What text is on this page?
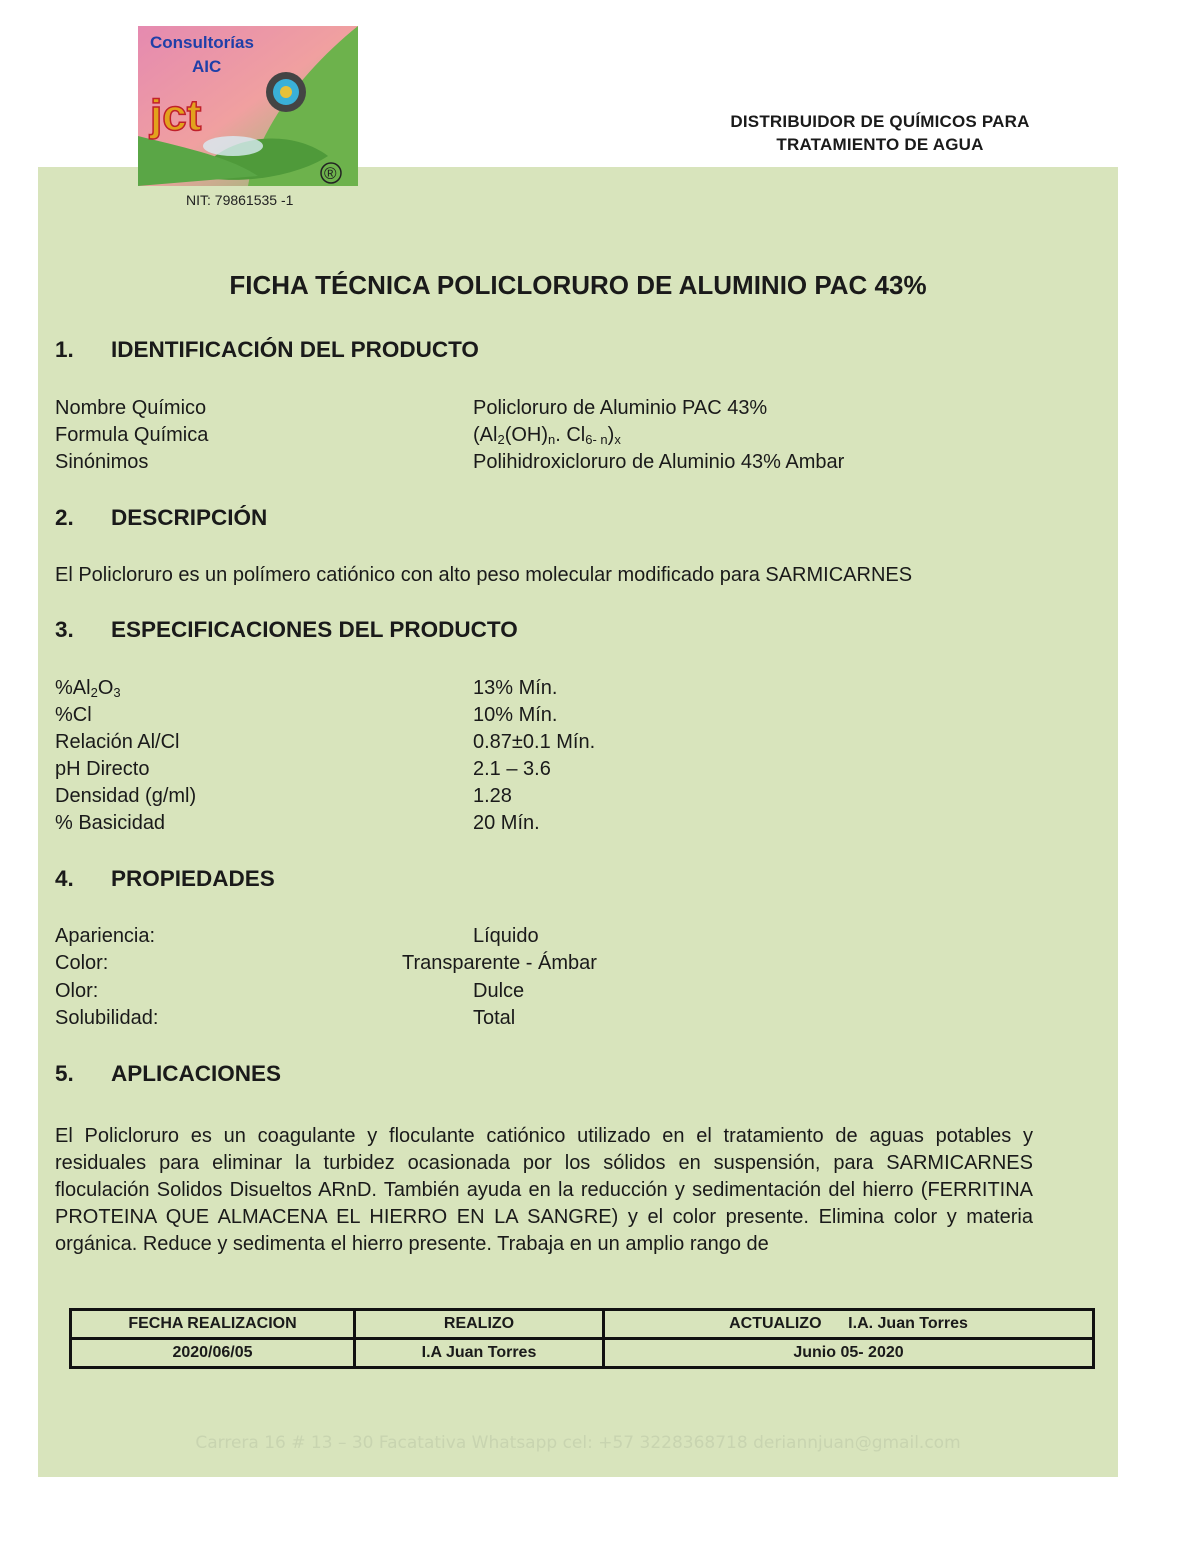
Consultorías
AIC
jct
®
NIT: 79861535 -1
DISTRIBUIDOR DE QUÍMICOS PARA
TRATAMIENTO DE AGUA
FICHA TÉCNICA POLICLORURO DE ALUMINIO PAC 43%
1. IDENTIFICACIÓN DEL PRODUCTO
Nombre Químico	Policloruro de Aluminio PAC 43%
Formula Química	($Al_2(OH)_n$. $Cl_{6- n})_x$
Sinónimos	Polihidroxicloruro de Aluminio 43% Ambar
2. DESCRIPCIÓN
El Policloruro es un polímero catiónico con alto peso molecular modificado para SARMICARNES
3. ESPECIFICACIONES DEL PRODUCTO
$\%Al_2O_3$	13% Mín.
%Cl	10% Mín.
Relación Al/Cl	0.87±0.1 Mín.
pH Directo	2.1 – 3.6
Densidad (g/ml)	1.28
% Basicidad	20 Mín.
4. PROPIEDADES
Apariencia:	Líquido
Color:	Transparente - Ámbar
Olor:	Dulce
Solubilidad:	Total
5. APLICACIONES
El Policloruro es un coagulante y floculante catiónico utilizado en el tratamiento de aguas potables y residuales para eliminar la turbidez ocasionada por los sólidos en suspensión, para SARMICARNES floculación Solidos Disueltos ARnD. También ayuda en la reducción y sedimentación del hierro (FERRITINA PROTEINA QUE ALMACENA EL HIERRO EN LA SANGRE) y el color presente. Elimina color y materia orgánica. Reduce y sedimenta el hierro presente. Trabaja en un amplio rango de
FECHA REALIZACION	REALIZO	ACTUALIZO      I.A. Juan Torres
2020/06/05	I.A Juan Torres	Junio 05- 2020
Carrera 16 # 13 – 30 Facatativa Whatsapp cel: +57 3228368718 deriannjuan@gmail.com
